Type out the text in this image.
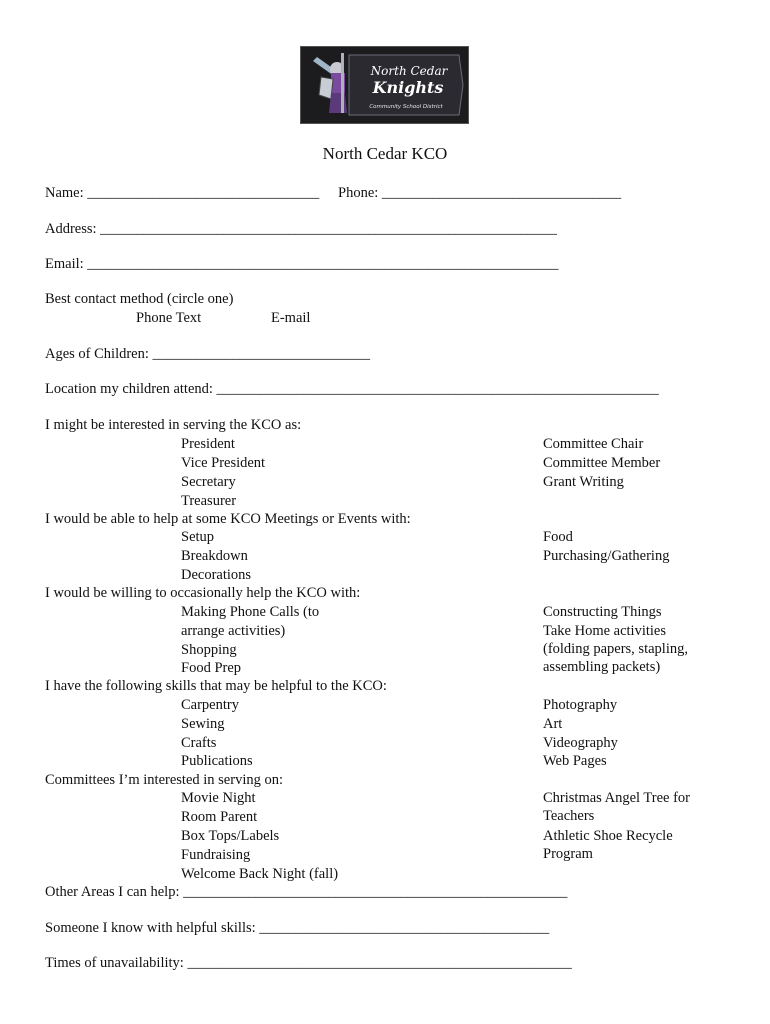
North Cedar
Knights
Community School District
North Cedar KCO
Name: ________________________________ Phone: _________________________________
Address: _______________________________________________________________
Email: _________________________________________________________________
Best contact method (circle one)
Phone Text	E-mail
Ages of Children: ______________________________
Location my children attend: _____________________________________________________________
I might be interested in serving the KCO as:
President
Vice President
Secretary
Treasurer
Committee Chair
Committee Member
Grant Writing
I would be able to help at some KCO Meetings or Events with:
Setup
Breakdown
Decorations
Food
Purchasing/Gathering
I would be willing to occasionally help the KCO with:
Making Phone Calls (to
arrange activities)
Shopping
Food Prep
Constructing Things
Take Home activities
(folding papers, stapling,
assembling packets)
I have the following skills that may be helpful to the KCO:
Carpentry
Sewing
Crafts
Publications
Photography
Art
Videography
Web Pages
Committees I’m interested in serving on:
Movie Night
Room Parent
Box Tops/Labels
Fundraising
Welcome Back Night (fall)
Christmas Angel Tree for
Teachers
Athletic Shoe Recycle
Program
Other Areas I can help: _____________________________________________________
Someone I know with helpful skills: ________________________________________
Times of unavailability: _____________________________________________________
